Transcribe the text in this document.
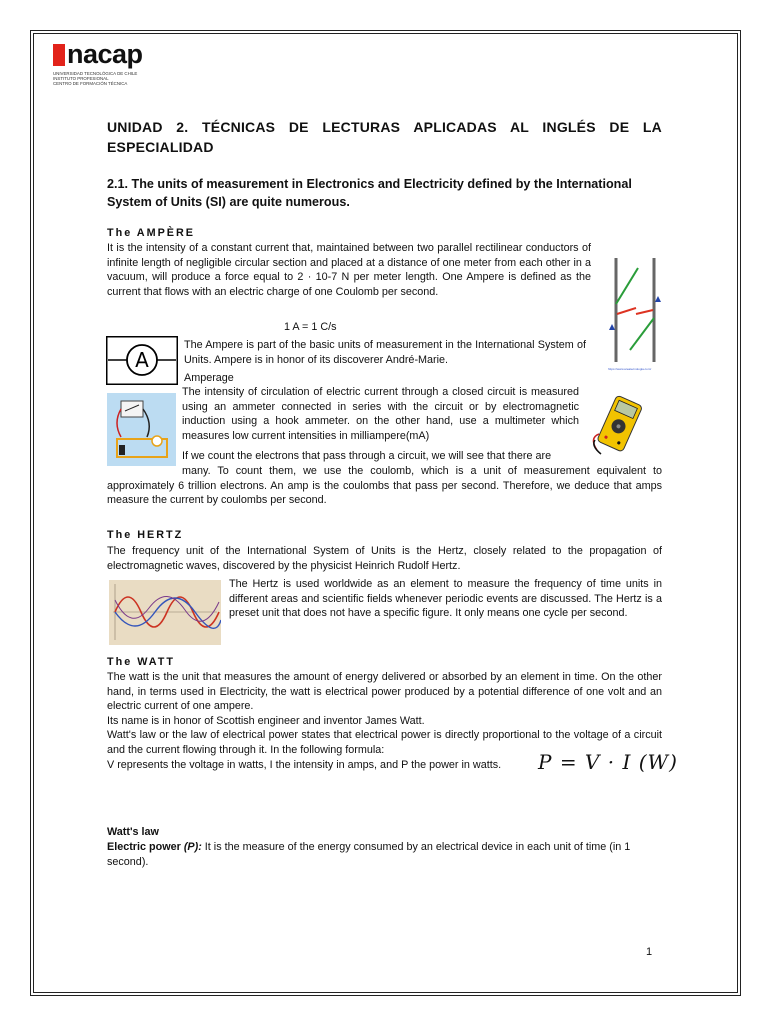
nacap
UNIVERSIDAD TECNOLÓGICA DE CHILE
INSTITUTO PROFESIONAL
CENTRO DE FORMACIÓN TÉCNICA
UNIDAD 2. TÉCNICAS DE LECTURAS APLICADAS AL INGLÉS DE LA ESPECIALIDAD
2.1. The units of measurement in Electronics and Electricity defined by the International System of Units (SI) are quite numerous.
The AMPÈRE

It is the intensity of a constant current that, maintained between two parallel rectilinear conductors of infinite length of negligible circular section and placed at a distance of one meter from each other in a vacuum, will produce a force equal to 2 · 10-7 N per meter length. One Ampere is defined as the current that flows with an electric charge of one Coulomb per second.

https://www.areatecnologia.com/
1 A = 1 C/s
A

The Ampere is part of the basic units of measurement in the International System of Units. Ampere is in honor of its discoverer André-Marie.

Amperage

The intensity of circulation of electric current through a closed circuit is measured using an ammeter connected in series with the circuit or by electromagnetic induction using a hook ammeter. on the other hand, use a multimeter which measures low current intensities in milliampere(mA)

If we count the electrons that pass through a circuit, we will see that there are

many. To count them, we use the coulomb, which is a unit of measurement equivalent to approximately 6 trillion electrons. An amp is the coulombs that pass per second. Therefore, we deduce that amps measure the current by coulombs per second.

The HERTZ

The frequency unit of the International System of Units is the Hertz, closely related to the propagation of electromagnetic waves, discovered by the physicist Heinrich Rudolf Hertz.

The Hertz is used worldwide as an element to measure the frequency of time units in different areas and scientific fields whenever periodic events are discussed. The Hertz is a preset unit that does not have a specific figure. It only means one cycle per second.

The WATT

The watt is the unit that measures the amount of energy delivered or absorbed by an element in time. On the other hand, in terms used in Electricity, the watt is electrical power produced by a potential difference of one volt and an electric current of one ampere.

Its name is in honor of Scottish engineer and inventor James Watt.

Watt's law or the law of electrical power states that electrical power is directly proportional to the voltage of a circuit and the current flowing through it. In the following formula:

V represents the voltage in watts, I the intensity in amps, and P the power in watts.	P = V · I (W)
Watt's law

Electric power (P): It is the measure of the energy consumed by an electrical device in each unit of time (in 1 second).

1
